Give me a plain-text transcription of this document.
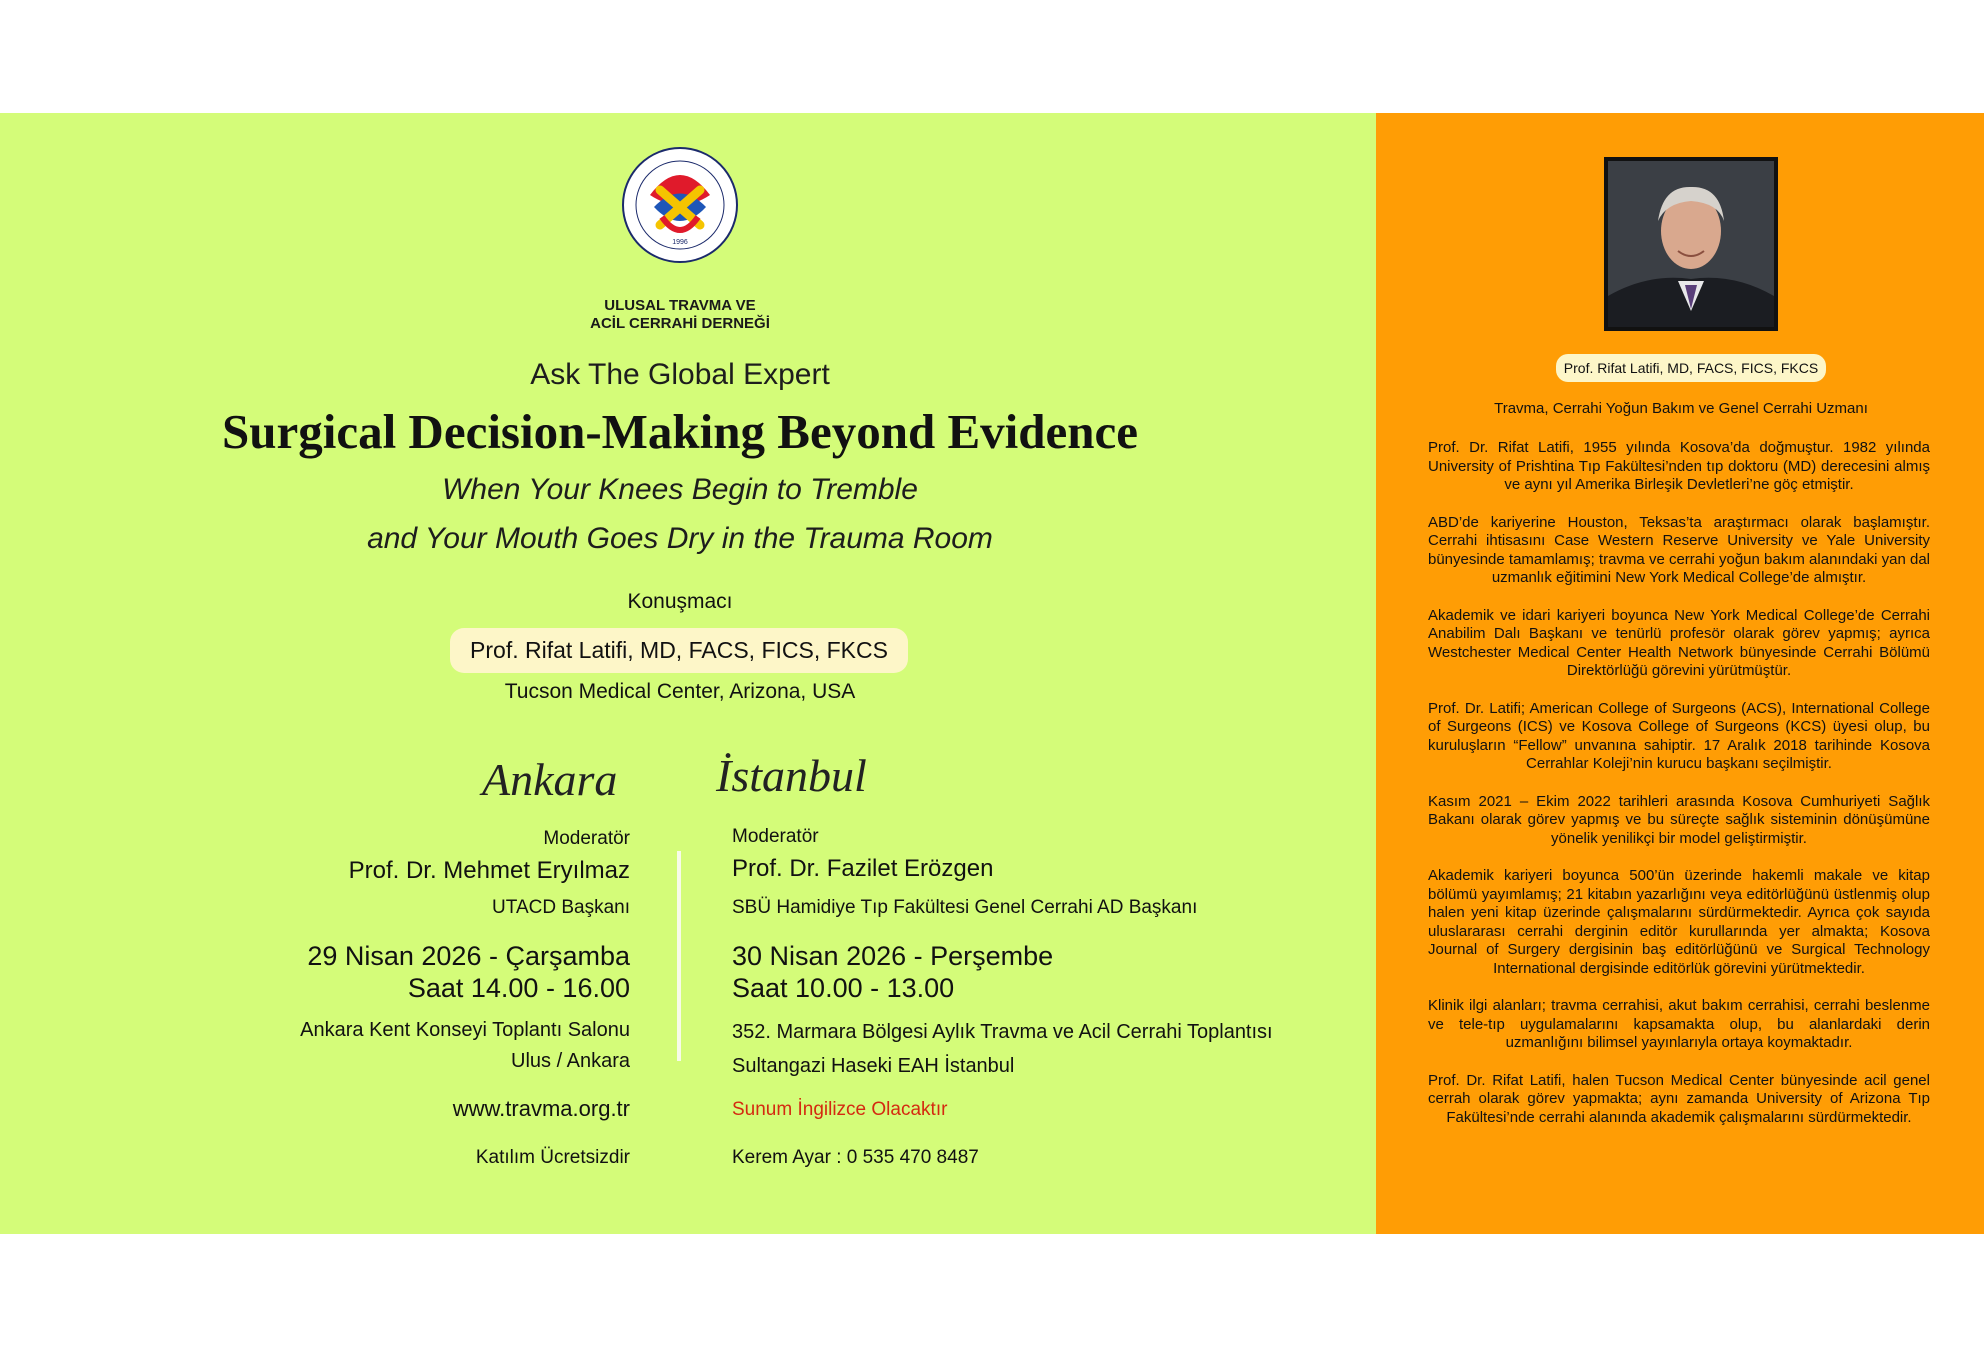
1996
ULUSAL TRAVMA VE
ACİL CERRAHİ DERNEĞİ
Ask The Global Expert
Surgical Decision-Making Beyond Evidence
When Your Knees Begin to Tremble
and Your Mouth Goes Dry in the Trauma Room
Konuşmacı
Prof. Rifat Latifi, MD, FACS, FICS, FKCS
Tucson Medical Center, Arizona, USA
Ankara İstanbul
Moderatör
Prof. Dr. Mehmet Eryılmaz
UTACD Başkanı
29 Nisan 2026 - Çarşamba
Saat 14.00 - 16.00
Ankara Kent Konseyi Toplantı Salonu
Ulus / Ankara
www.travma.org.tr
Katılım Ücretsizdir
Moderatör
Prof. Dr. Fazilet Erözgen
SBÜ Hamidiye Tıp Fakültesi Genel Cerrahi AD Başkanı
30 Nisan 2026 - Perşembe
Saat 10.00 - 13.00
352. Marmara Bölgesi Aylık Travma ve Acil Cerrahi Toplantısı
Sultangazi Haseki EAH İstanbul
Sunum İngilizce Olacaktır
Kerem Ayar : 0 535 470 8487
Prof. Rifat Latifi, MD, FACS, FICS, FKCS
Travma, Cerrahi Yoğun Bakım ve Genel Cerrahi Uzmanı

Prof. Dr. Rifat Latifi, 1955 yılında Kosova’da doğmuştur. 1982 yılında University of Prishtina Tıp Fakültesi’nden tıp doktoru (MD) derecesini almış ve aynı yıl Amerika Birleşik Devletleri’ne göç etmiştir.

ABD’de kariyerine Houston, Teksas’ta araştırmacı olarak başlamıştır. Cerrahi ihtisasını Case Western Reserve University ve Yale University bünyesinde tamamlamış; travma ve cerrahi yoğun bakım alanındaki yan dal uzmanlık eğitimini New York Medical College’de almıştır.

Akademik ve idari kariyeri boyunca New York Medical College’de Cerrahi Anabilim Dalı Başkanı ve tenürlü profesör olarak görev yapmış; ayrıca Westchester Medical Center Health Network bünyesinde Cerrahi Bölümü Direktörlüğü görevini yürütmüştür.

Prof. Dr. Latifi; American College of Surgeons (ACS), International College of Surgeons (ICS) ve Kosova College of Surgeons (KCS) üyesi olup, bu kuruluşların “Fellow” unvanına sahiptir. 17 Aralık 2018 tarihinde Kosova Cerrahlar Koleji’nin kurucu başkanı seçilmiştir.

Kasım 2021 – Ekim 2022 tarihleri arasında Kosova Cumhuriyeti Sağlık Bakanı olarak görev yapmış ve bu süreçte sağlık sisteminin dönüşümüne yönelik yenilikçi bir model geliştirmiştir.

Akademik kariyeri boyunca 500’ün üzerinde hakemli makale ve kitap bölümü yayımlamış; 21 kitabın yazarlığını veya editörlüğünü üstlenmiş olup halen yeni kitap üzerinde çalışmalarını sürdürmektedir. Ayrıca çok sayıda uluslararası cerrahi derginin editör kurullarında yer almakta; Kosova Journal of Surgery dergisinin baş editörlüğünü ve Surgical Technology International dergisinde editörlük görevini yürütmektedir.

Klinik ilgi alanları; travma cerrahisi, akut bakım cerrahisi, cerrahi beslenme ve tele-tıp uygulamalarını kapsamakta olup, bu alanlardaki derin uzmanlığını bilimsel yayınlarıyla ortaya koymaktadır.

Prof. Dr. Rifat Latifi, halen Tucson Medical Center bünyesinde acil genel cerrah olarak görev yapmakta; aynı zamanda University of Arizona Tıp Fakültesi’nde cerrahi alanında akademik çalışmalarını sürdürmektedir.
